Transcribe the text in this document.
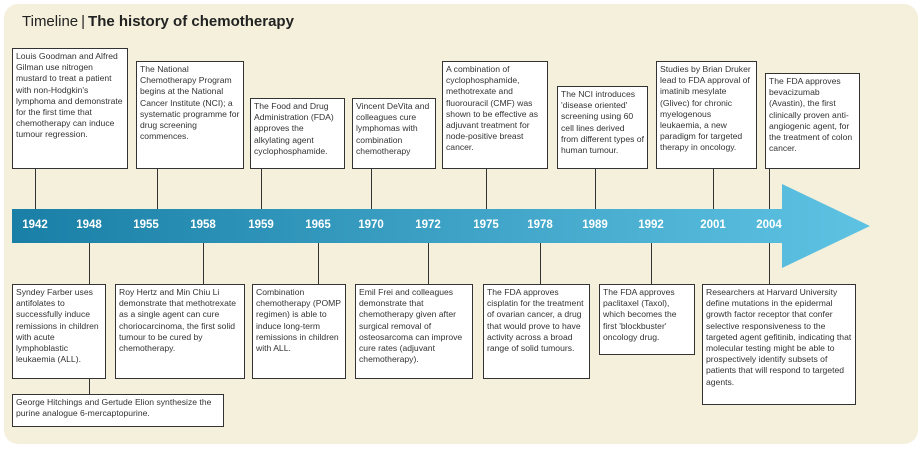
Timeline | The history of chemotherapy
1942	1948	1955	1958	1959	1965	1970	1972	1975	1978	1989	1992	2001	2004
Louis Goodman and Alfred Gilman use nitrogen mustard to treat a patient with non-Hodgkin's lymphoma and demonstrate for the first time that chemotherapy can induce tumour regression.
The National Chemotherapy Program begins at the National Cancer Institute (NCI); a systematic programme for drug screening commences.
The Food and Drug Administration (FDA) approves the alkylating agent cyclophosphamide.
Vincent DeVita and colleagues cure lymphomas with combination chemotherapy
A combination of cyclophosphamide, methotrexate and fluorouracil (CMF) was shown to be effective as adjuvant treatment for node-positive breast cancer.
The NCI introduces 'disease oriented' screening using 60 cell lines derived from different types of human tumour.
Studies by Brian Druker lead to FDA approval of imatinib mesylate (Glivec) for chronic myelogenous leukaemia, a new paradigm for targeted therapy in oncology.
The FDA approves bevacizumab (Avastin), the first clinically proven anti-angiogenic agent, for the treatment of colon cancer.
Syndey Farber uses antifolates to successfully induce remissions in children with acute lymphoblastic leukaemia (ALL).
George Hitchings and Gertude Elion synthesize the purine analogue 6-mercaptopurine.
Roy Hertz and Min Chiu Li demonstrate that methotrexate as a single agent can cure choriocarcinoma, the first solid tumour to be cured by chemotherapy.
Combination chemotherapy (POMP regimen) is able to induce long-term remissions in children with ALL.
Emil Frei and colleagues demonstrate that chemotherapy given after surgical removal of osteosarcoma can improve cure rates (adjuvant chemotherapy).
The FDA approves cisplatin for the treatment of ovarian cancer, a drug that would prove to have activity across a broad range of solid tumours.
The FDA approves paclitaxel (Taxol), which becomes the first 'blockbuster' oncology drug.
Researchers at Harvard University define mutations in the epidermal growth factor receptor that confer selective responsiveness to the targeted agent gefitinib, indicating that molecular testing might be able to prospectively identify subsets of patients that will respond to targeted agents.
